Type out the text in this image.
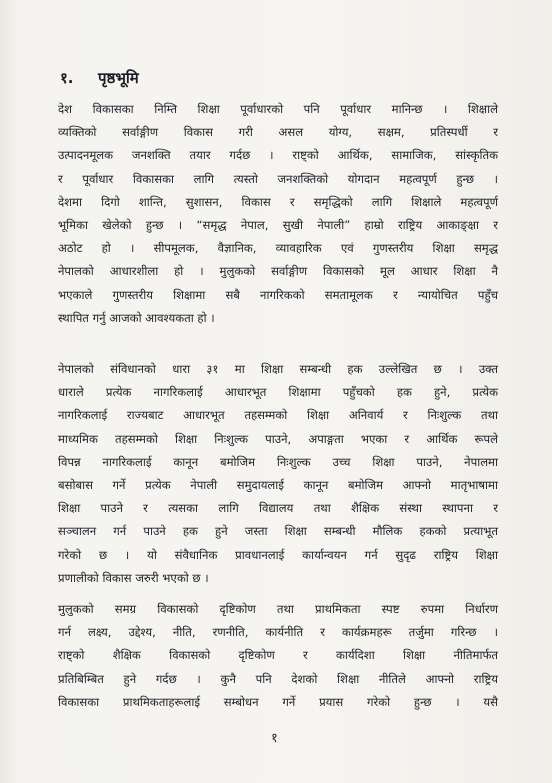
१. पृष्ठभूमि

देश विकासका निम्ति शिक्षा पूर्वाधारको पनि पूर्वाधार मानिन्छ । शिक्षाले
व्यक्तिको सर्वाङ्गीण विकास गरी असल योग्य, सक्षम, प्रतिस्पर्धी र
उत्पादनमूलक जनशक्ति तयार गर्दछ । राष्ट्को आर्थिक, सामाजिक, सांस्कृतिक
र पूर्वाधार विकासका लागि त्यस्तो जनशक्तिको योगदान महत्वपूर्ण हुन्छ ।
देशमा दिगो शान्ति, सुशासन, विकास र समृद्धिको लागि शिक्षाले महत्वपूर्ण
भूमिका खेलेको हुन्छ । “समृद्ध नेपाल, सुखी नेपाली” हाम्रो राष्ट्रिय आकाङ्क्षा र
अठोट हो । सीपमूलक, वैज्ञानिक, व्यावहारिक एवं गुणस्तरीय शिक्षा समृद्ध
नेपालको आधारशीला हो । मुलुकको सर्वाङ्गीण विकासको मूल आधार शिक्षा नै
भएकाले गुणस्तरीय शिक्षामा सबै नागरिकको समतामूलक र न्यायोचित पहुँच
स्थापित गर्नु आजको आवश्यकता हो ।

नेपालको संविधानको धारा ३१ मा शिक्षा सम्बन्धी हक उल्लेखित छ । उक्त
धाराले प्रत्येक नागरिकलाई आधारभूत शिक्षामा पहुँचको हक हुने, प्रत्येक
नागरिकलाई राज्यबाट आधारभूत तहसम्मको शिक्षा अनिवार्य र निःशुल्क तथा
माध्यमिक तहसम्मको शिक्षा निःशुल्क पाउने, अपाङ्गता भएका र आर्थिक रूपले
विपन्न नागरिकलाई कानून बमोजिम निःशुल्क उच्च शिक्षा पाउने, नेपालमा
बसोबास गर्ने प्रत्येक नेपाली समुदायलाई कानून बमोजिम आफ्नो मातृभाषामा
शिक्षा पाउने र त्यसका लागि विद्यालय तथा शैक्षिक संस्था स्थापना र
सञ्चालन गर्न पाउने हक हुने जस्ता शिक्षा सम्बन्धी मौलिक हकको प्रत्याभूत
गरेको छ । यो संवैधानिक प्रावधानलाई कार्यान्वयन गर्न सुदृढ राष्ट्रिय शिक्षा
प्रणालीको विकास जरुरी भएको छ ।

मुलुकको समग्र विकासको दृष्टिकोण तथा प्राथमिकता स्पष्ट रुपमा निर्धारण
गर्न लक्ष्य, उद्देश्य, नीति, रणनीति, कार्यनीति र कार्यक्रमहरू तर्जुमा गरिन्छ ।
राष्ट्को शैक्षिक विकासको दृष्टिकोण र कार्यदिशा शिक्षा नीतिमार्फत
प्रतिबिम्बित हुने गर्दछ । कुनै पनि देशको शिक्षा नीतिले आफ्नो राष्ट्रिय
विकासका प्राथमिकताहरूलाई सम्बोधन गर्ने प्रयास गरेको हुन्छ । यसै

१
